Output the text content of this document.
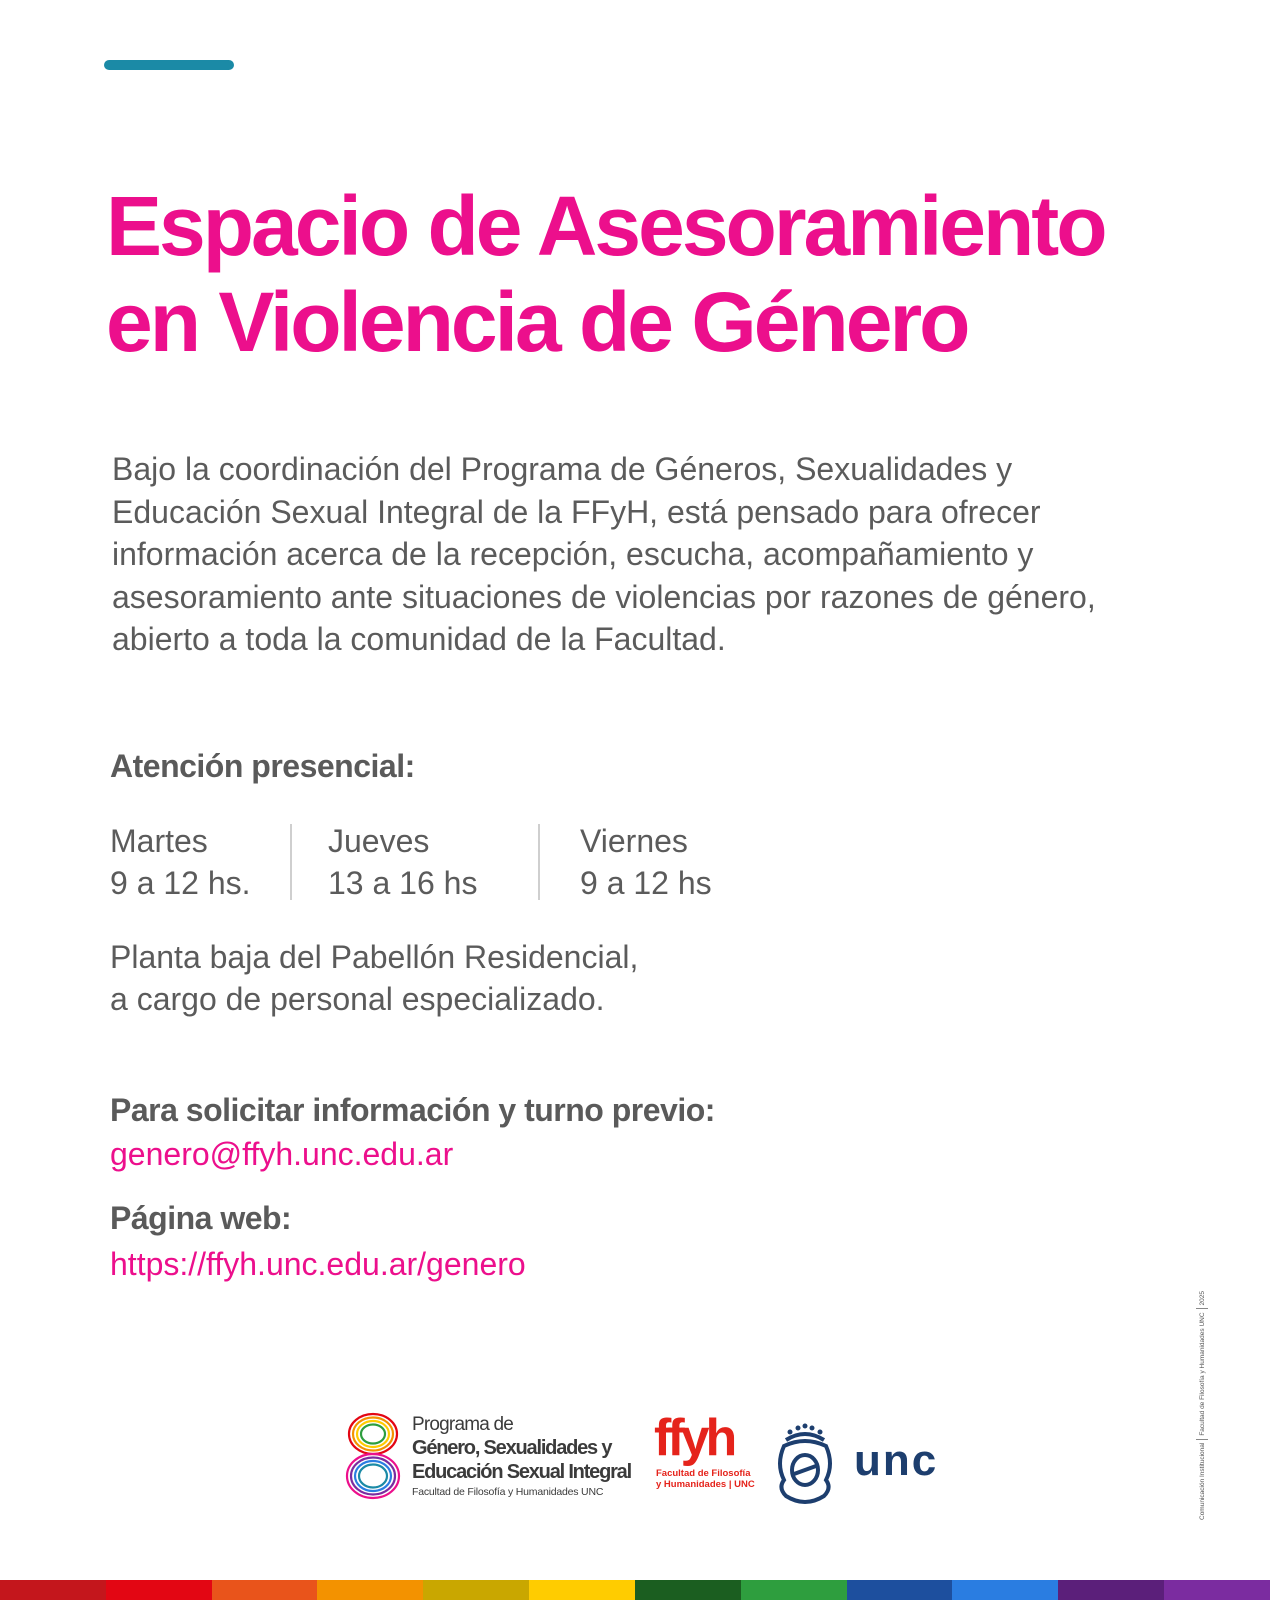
Espacio de Asesoramiento
en Violencia de Género

Bajo la coordinación del Programa de Géneros, Sexualidades y Educación Sexual Integral de la FFyH, está pensado para ofrecer información acerca de la recepción, escucha, acompañamiento y asesoramiento ante situaciones de violencias por razones de género, abierto a toda la comunidad de la Facultad.

Atención presencial:
Martes
9 a 12 hs.
Jueves
13 a 16 hs
Viernes
9 a 12 hs
Planta baja del Pabellón Residencial,
a cargo de personal especializado.
Para solicitar información y turno previo:
genero@ffyh.unc.edu.ar
Página web:
https://ffyh.unc.edu.ar/genero
Programa de
Género, Sexualidades y
Educación Sexual Integral
Facultad de Filosofía y Humanidades UNC
ffyh
Facultad de Filosofía
y Humanidades | UNC unc	Comunicación InstitucionalFacultad de Filosofía y Humanidades UNC2025
